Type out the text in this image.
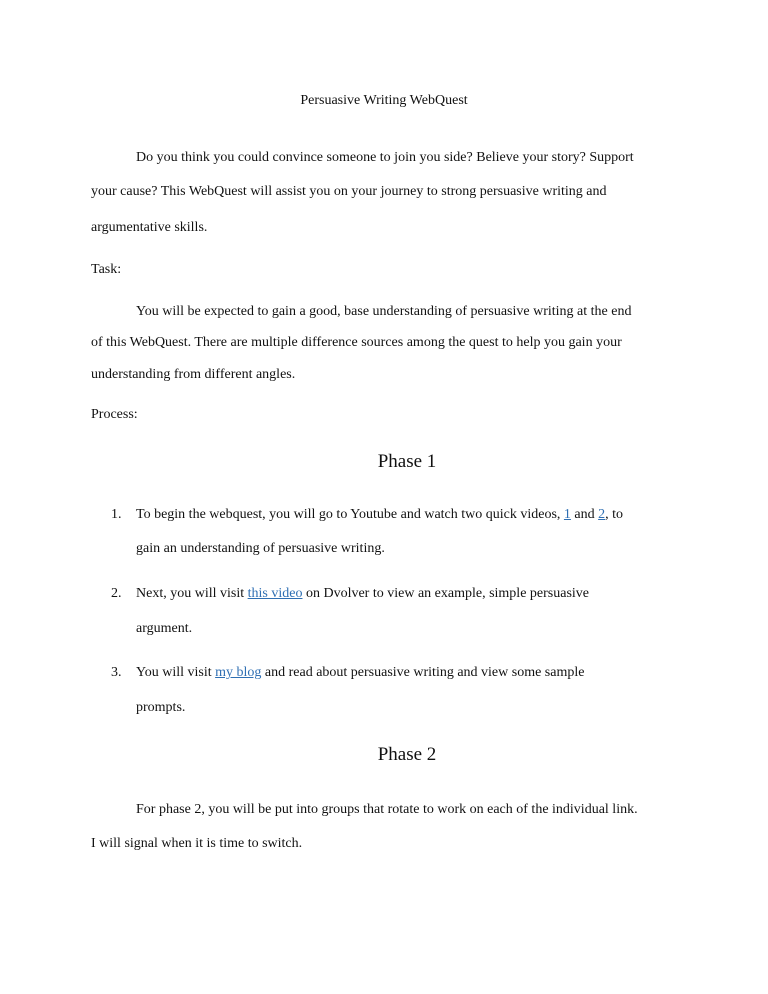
Persuasive Writing WebQuest
Do you think you could convince someone to join you side? Believe your story? Support
your cause? This WebQuest will assist you on your journey to strong persuasive writing and
argumentative skills.
Task:
You will be expected to gain a good, base understanding of persuasive writing at the end
of this WebQuest. There are multiple difference sources among the quest to help you gain your
understanding from different angles.
Process:
Phase 1
1. To begin the webquest, you will go to Youtube and watch two quick videos, 1 and 2, to
gain an understanding of persuasive writing.
2. Next, you will visit this video on Dvolver to view an example, simple persuasive
argument.
3. You will visit my blog and read about persuasive writing and view some sample
prompts.
Phase 2
For phase 2, you will be put into groups that rotate to work on each of the individual link.
I will signal when it is time to switch.
